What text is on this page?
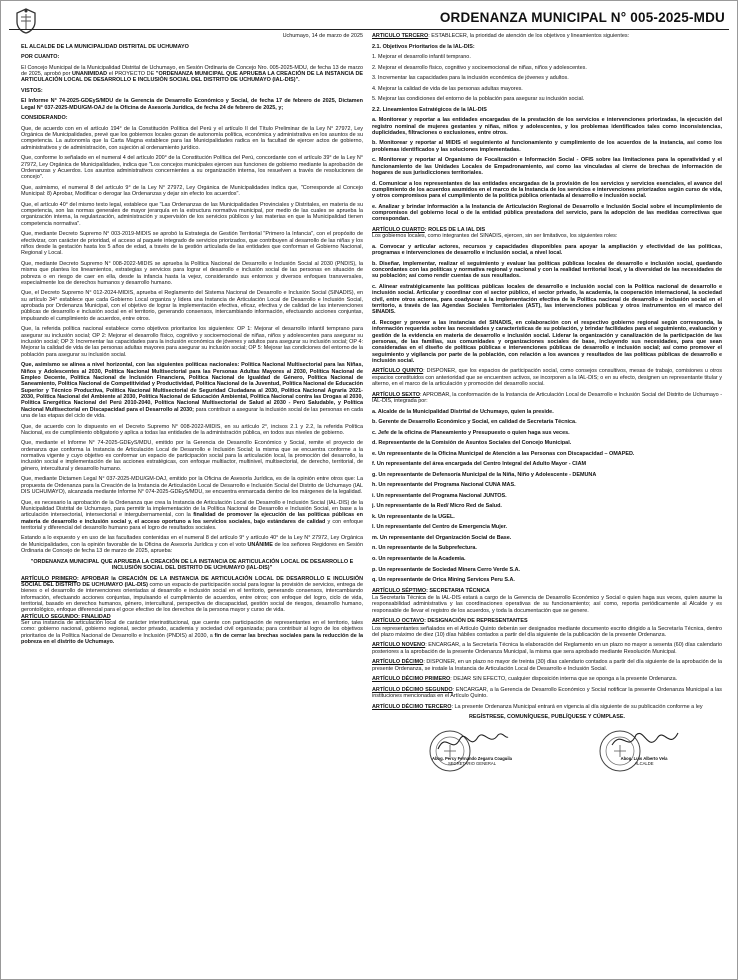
ORDENANZA MUNICIPAL N° 005-2025-MDU

Uchumayo, 14 de marzo de 2025

EL ALCALDE DE LA MUNICIPALIDAD DISTRITAL DE UCHUMAYO

POR CUANTO:

El Concejo Municipal de la Municipalidad Distrital de Uchumayo, en Sesión Ordinaria de Concejo Nro. 005-2025-MDU, de fecha 13 de marzo de 2025, aprobó por UNANIMIDAD el PROYECTO DE "ORDENANZA MUNICIPAL QUE APRUEBA LA CREACIÓN DE LA INSTANCIA DE ARTICULACIÓN LOCAL DE DESARROLLO E INCLUSIÓN SOCIAL DEL DISTRITO DE UCHUMAYO (IAL-DIS)".

VISTOS:

El Informe N° 74-2025-GDEyS/MDU de la Gerencia de Desarrollo Económico y Social, de fecha 17 de febrero de 2025, Dictamen Legal N° 037-2025-MDU/GM-OAJ de la Oficina de Asesoría Jurídica, de fecha 24 de febrero de 2025, y;

CONSIDERANDO:

Que, de acuerdo con en el artículo 194° de la Constitución Política del Perú y el artículo II del Título Preliminar de la Ley N° 27972, Ley Orgánica de Municipalidades, prevé que los gobiernos locales gozan de autonomía política, económica y administrativa en los asuntos de su competencia. La autonomía que la Carta Magna establece para las Municipalidades radica en la facultad de ejercer actos de gobierno, administrativos y de administración, con sujeción al ordenamiento jurídico.

Que, conforme lo señalado en el numeral 4 del artículo 200° de la Constitución Política del Perú, concordante con el artículo 39° de la Ley N° 27972, Ley Orgánica de Municipalidades, indica que "Los concejos municipales ejercen sus funciones de gobierno mediante la aprobación de Ordenanzas y Acuerdos. Los asuntos administrativos concernientes a su organización interna, los resuelven a través de resoluciones de concejo".

Que, asimismo, el numeral 8 del artículo 9° de la Ley N° 27972, Ley Orgánica de Municipalidades indica que, "Corresponde al Concejo Municipal: 8) Aprobar, Modificar o derogar las Ordenanzas y dejar sin efecto los acuerdos".

Que, el artículo 40° del mismo texto legal, establece que "Las Ordenanzas de las Municipalidades Provinciales y Distritales, en materia de su competencia, son las normas generales de mayor jerarquía en la estructura normativa municipal, por medio de las cuales se aprueba la organización interna, la regularización, administración y supervisión de los servicios públicos y las materias en que la Municipalidad tienen competencia normativa".

Que, mediante Decreto Supremo N° 003-2019-MIDIS se aprobó la Estrategia de Gestión Territorial "Primero la Infancia", con el propósito de efectivizar, con carácter de prioridad, el acceso al paquete integrado de servicios priorizados, que contribuyen al desarrollo de las niñas y los niños desde la gestación hasta los 5 años de edad, a través de la gestión articulada de las entidades que conforman el Gobierno Nacional, Regional y Local.

Que, mediante Decreto Supremo N° 008-2022-MIDIS se aprueba la Política Nacional de Desarrollo e Inclusión Social al 2030 (PNDIS), la misma que plantea los lineamientos, estrategias y servicios para lograr el desarrollo e inclusión social de las personas en situación de pobreza o en riesgo de caer en ella, desde la infancia hasta la vejez, considerando sus entornos y diversos enfoques transversales, especialmente los de derechos humanos y desarrollo humano.

Que, el Decreto Supremo N° 012-2024-MIDIS, aprueba el Reglamento del Sistema Nacional de Desarrollo e Inclusión Social (SINADIS), en su artículo 34° establece que cada Gobierno Local organiza y lidera una Instancia de Articulación Local de Desarrollo e Inclusión Social, aprobada por Ordenanza Municipal, con el objetivo de lograr la implementación efectiva, eficaz, efectiva y de calidad de las intervenciones públicas de desarrollo e inclusión social en el territorio, generando consensos, intercambiando información, efectuando acciones conjuntas, impulsando el cumplimiento de acuerdos, entre otros.

Que, la referida política nacional establece como objetivos prioritarios los siguientes: OP 1: Mejorar el desarrollo infantil temprano para asegurar su inclusión social; OP 2: Mejorar el desarrollo físico, cognitivo y socioemocional de niñas, niños y adolescentes para asegurar su inclusión social; OP 3: Incrementar las capacidades para la inclusión económica de jóvenes y adultos para asegurar su inclusión social; OP 4: Mejorar la calidad de vida de las personas adultas mayores para asegurar su inclusión social; OP 5: Mejorar las condiciones del entorno de la población para asegurar su inclusión social.

Que, asimismo se alinea a nivel horizontal, con las siguientes políticas nacionales: Política Nacional Multisectorial para las Niñas, Niños y Adolescentes al 2030, Política Nacional Multisectorial para las Personas Adultas Mayores al 2030, Política Nacional de Empleo Decente, Política Nacional de Inclusión Financiera, Política Nacional de Igualdad de Género, Política Nacional de Saneamiento, Política Nacional de Competitividad y Productividad, Política Nacional de la Juventud, Política Nacional de Educación Superior y Técnico Productiva, Política Nacional Multisectorial de Seguridad Ciudadana al 2030, Política Nacional Agraria 2021-2030, Política Nacional del Ambiente al 2030, Política Nacional de Educación Ambiental, Política Nacional contra las Drogas al 2030, Política Energética Nacional del Perú 2010-2040, Política Nacional Multisectorial de Salud al 2030 - Perú Saludable, y Política Nacional Multisectorial en Discapacidad para el Desarrollo al 2030; para contribuir a asegurar la inclusión social de las personas en cada una de las etapas del ciclo de vida.

Que, de acuerdo con lo dispuesto en el Decreto Supremo N° 008-2022-MIDIS, en su artículo 2°, incisos 2.1 y 2.2, la referida Política Nacional, es de cumplimiento obligatorio y aplica a todas las entidades de la administración pública, en todos sus niveles de gobierno.

Que, mediante el Informe N° 74-2025-GDEyS/MDU, emitido por la Gerencia de Desarrollo Económico y Social, remite el proyecto de ordenanza que conforma la Instancia de Articulación Local de Desarrollo e Inclusión Social; la misma que se encuentra conforme a la normativa vigente y cuyo objetivo es conformar un espacio de participación social para la articulación local, la promoción del desarrollo, la inclusión social e implementación de las acciones estratégicas, con enfoque multiactor, multinivel, multisectorial, de derecho, territorial, de género, intercultural y desarrollo humano.

Que, mediante Dictamen Legal N° 037-2025-MDU/GM-OAJ, emitido por la Oficina de Asesoría Jurídica, es de la opinión entre otros que: La propuesta de Ordenanza para la Creación de la Instancia de Articulación Local de Desarrollo e Inclusión Social del Distrito de Uchumayo (IAL DIS UCHUMAYO), alcanzada mediante Informe N° 074-2025-GDEyS/MDU, se encuentra enmarcada dentro de los márgenes de la legalidad.

Que, es necesario la aprobación de la Ordenanza que crea la Instancia de Articulación Local de Desarrollo e Inclusión Social (IAL-DIS) de la Municipalidad Distrital de Uchumayo, para permitir la implementación de la Política Nacional de Desarrollo e Inclusión Social, en base a la articulación intersectorial, intersectorial e intergubernamental, con la finalidad de promover la ejecución de las políticas públicas en materia de desarrollo e inclusión social y, el acceso oportuno a los servicios sociales, bajo estándares de calidad y con enfoque territorial y diferencial del desarrollo humano para el logro de resultados sociales.

Estando a lo expuesto y en uso de las facultades contenidas en el numeral 8 del artículo 9° y artículo 40° de la Ley N° 27972, Ley Orgánica de Municipalidades, con la opinión favorable de la Oficina de Asesoría Jurídica y con el voto UNÁNIME de los señores Regidores en Sesión Ordinaria de Concejo de fecha 13 de marzo de 2025, aprueba:

"ORDENANZA MUNICIPAL QUE APRUEBA LA CREACIÓN DE LA INSTANCIA DE ARTICULACIÓN LOCAL DE DESARROLLO E INCLUSIÓN SOCIAL DEL DISTRITO DE UCHUMAYO (IAL-DIS)"

ARTÍCULO PRIMERO: APROBAR la CREACIÓN DE LA INSTANCIA DE ARTICULACIÓN LOCAL DE DESARROLLO E INCLUSIÓN SOCIAL DEL DISTRITO DE UCHUMAYO (IAL-DIS) como un espacio de participación social para lograr la provisión de servicios, entrega de bienes o el desarrollo de intervenciones orientadas al desarrollo e inclusión social en el territorio, generando consensos, intercambiando información, efectuando acciones conjuntas, impulsando el cumplimiento de acuerdos, entre otros; con enfoque del logro, ciclo de vida, territorial, basado en derechos humanos, género, intercultural, perspectiva de discapacidad, gestión social de riesgos, desarrollo humano, gerontológico, enfoque diferencial para el goce efectivo de los derechos de la persona mayor y curso de vida.

ARTÍCULO SEGUNDO: FINALIDAD

Ser una instancia de articulación local de carácter interinstitucional, que cuente con participación de representantes en el territorio, tales como: gobierno nacional, gobierno regional, sector privado, academia y sociedad civil organizada; para contribuir al logro de los objetivos prioritarios de la Política Nacional de Desarrollo e Inclusión (PNDIS) al 2030, a fin de cerrar las brechas sociales para la reducción de la pobreza en el distrito de Uchumayo.

ARTÍCULO TERCERO: ESTABLECER, la prioridad de atención de los objetivos y lineamientos siguientes:

2.1. Objetivos Prioritarios de la IAL-DIS:

1. Mejorar el desarrollo infantil temprano.

2. Mejorar el desarrollo físico, cognitivo y socioemocional de niñas, niños y adolescentes.

3. Incrementar las capacidades para la inclusión económica de jóvenes y adultos.

4. Mejorar la calidad de vida de las personas adultas mayores.

5. Mejorar las condiciones del entorno de la población para asegurar su inclusión social.

2.2. Lineamientos Estratégicos de la IAL-DIS

a. Monitorear y reportar a las entidades encargadas de la prestación de los servicios e intervenciones priorizadas, la ejecución del registro nominal de mujeres gestantes y niñas, niños y adolescentes, y los problemas identificados tales como inconsistencias, duplicidades, filtraciones o exclusiones, entre otros.

b. Monitorear y reportar al MIDIS el seguimiento al funcionamiento y cumplimiento de los acuerdos de la instancia, así como los problemas identificados y las soluciones implementadas.

c. Monitorear y reportar al Organismo de Focalización e Información Social - OFIS sobre las limitaciones para la operatividad y el funcionamiento de las Unidades Locales de Empadronamiento, así como las vinculadas al cierre de brechas de información de hogares de sus jurisdicciones territoriales.

d. Comunicar a los representantes de las entidades encargadas de la provisión de los servicios y servicios esenciales, el avance del cumplimiento de los acuerdos asumidos en el marco de la Instancia de los servicios e intervenciones priorizados según curso de vida, y otros compromisos para el cumplimiento de la política pública orientada al desarrollo e inclusión social.

e. Analizar y brindar información a la Instancia de Articulación Regional de Desarrollo e Inclusión Social sobre el incumplimiento de compromisos del gobierno local o de la entidad pública prestadora del servicio, para la adopción de las medidas correctivas que correspondan.

ARTÍCULO CUARTO: ROLES DE LA IAL DIS

Los gobiernos locales, como integrantes del SINADIS, ejercen, sin ser limitativos, los siguientes roles:

a. Convocar y articular actores, recursos y capacidades disponibles para apoyar la ampliación y efectividad de las políticas, programas e intervenciones de desarrollo e inclusión social, a nivel local.

b. Diseñar, implementar, realizar el seguimiento y evaluar las políticas públicas locales de desarrollo e inclusión social, quedando concordantes con las políticas y normativa regional y nacional y con la realidad territorial local, y la diversidad de las necesidades de su población; así como rendir cuentas de sus resultados.

c. Alinear estratégicamente las políticas públicas locales de desarrollo e inclusión social con la Política nacional de desarrollo e inclusión social. Articular y coordinar con el sector público, el sector privado, la academia, la cooperación internacional, la sociedad civil, entre otros actores, para coadyuvar a la implementación efectiva de la Política nacional de desarrollo e inclusión social en el territorio, a través de las Agendas Sociales Territoriales (AST), las intervenciones públicas y otros instrumentos en el marco del SINADIS.

d. Recoger y proveer a las instancias del SINADIS, en colaboración con el respectivo gobierno regional según corresponda, la información requerida sobre las necesidades y características de su población, y brindar facilidades para el seguimiento, evaluación y gestión de la evidencia en materia de desarrollo e inclusión social. Liderar la organización y canalización de la participación de las personas, de las familias, sus comunidades y organizaciones sociales de base, incluyendo sus necesidades, para que sean consideradas en el diseño de políticas públicas e intervenciones públicas de desarrollo e inclusión social; así como promover el seguimiento y vigilancia por parte de la población, con relación a los avances y resultados de las políticas públicas de desarrollo e inclusión social.

ARTÍCULO QUINTO: DISPONER, que los espacios de participación social, como consejos consultivos, mesas de trabajo, comisiones u otros espacios constituidos con anterioridad que se encuentren activos, se incorporen a la IAL-DIS; o en su efecto, designen un representante titular y alterno, en el marco de la articulación y promoción del desarrollo social.

ARTÍCULO SEXTO: APROBAR, la conformación de la Instancia de Articulación Local de Desarrollo e Inclusión Social del Distrito de Uchumayo - IAL-DIS, integrada por:

a. Alcalde de la Municipalidad Distrital de Uchumayo, quien la preside.

b. Gerente de Desarrollo Económico y Social, en calidad de Secretaría Técnica.

c. Jefe de la oficina de Planeamiento y Presupuesto o quien haga sus veces.

d. Representante de la Comisión de Asuntos Sociales del Concejo Municipal.

e. Un representante de la Oficina Municipal de Atención a las Personas con Discapacidad – OMAPED.

f. Un representante del área encargada del Centro Integral del Adulto Mayor - CIAM

g. Un representante de Defensoría Municipal de la Niña, Niño y Adolescente - DEMUNA

h. Un representante del Programa Nacional CUNA MAS.

i. Un representante del Programa Nacional JUNTOS.

j. Un representante de la Red/ Micro Red de Salud.

k. Un representante de la UGEL.

l. Un representante del Centro de Emergencia Mujer.

m. Un representante del Organización Social de Base.

n. Un representante de la Subprefectura.

o. Un representante de la Academia.

p. Un representante de Sociedad Minera Cerro Verde S.A.

q. Un representante de Orica Mining Services Peru S.A.

ARTÍCULO SÉPTIMO: SECRETARIA TÉCNICA

La Secretaría Técnica de la IAL-DIS estará a cargo de la Gerencia de Desarrollo Económico y Social o quien haga sus veces, quien asume la responsabilidad administrativa y las coordinaciones operativas de su funcionamiento; así como, reporta periódicamente al Alcalde y es responsable de llevar el registro de los acuerdos, y toda la documentación que se genere.

ARTÍCULO OCTAVO: DESIGNACIÓN DE REPRESENTANTES

Los representantes señalados en el Artículo Quinto deberán ser designados mediante documento escrito dirigido a la Secretaría Técnica, dentro del plazo máximo de diez (10) días hábiles contados a partir del día siguiente de la publicación de la presente Ordenanza.

ARTÍCULO NOVENO: ENCARGAR, a la Secretaría Técnica la elaboración del Reglamento en un plazo no mayor a sesenta (60) días calendario posteriores a la aprobación de la presente Ordenanza Municipal, la misma que sera aprobado mediante Resolución Municipal.

ARTÍCULO DÉCIMO: DISPONER, en un plazo no mayor de treinta (30) días calendario contados a partir del día siguiente de la aprobación de la presente Ordenanza, se instale la Instancia de Articulación Local de Desarrollo e Inclusión Social.

ARTÍCULO DÉCIMO PRIMERO: DEJAR SIN EFECTO, cualquier disposición interna que se oponga a la presente Ordenanza.

ARTÍCULO DÉCIMO SEGUNDO: ENCARGAR, a la Gerencia de Desarrollo Económico y Social notificar la presente Ordenanza Municipal a las instituciones mencionadas en el Artículo Quinto.

ARTÍCULO DÉCIMO TERCERO: La presente Ordenanza Municipal entrará en vigencia al día siguiente de su publicación conforme a ley

REGÍSTRESE, COMUNÍQUESE, PUBLÍQUESE Y CÚMPLASE.

Abog. Percy Fernando Zegarra Coaguila
SECRETARIO GENERAL
Abog. Luis Alberto Vela
ALCALDE
